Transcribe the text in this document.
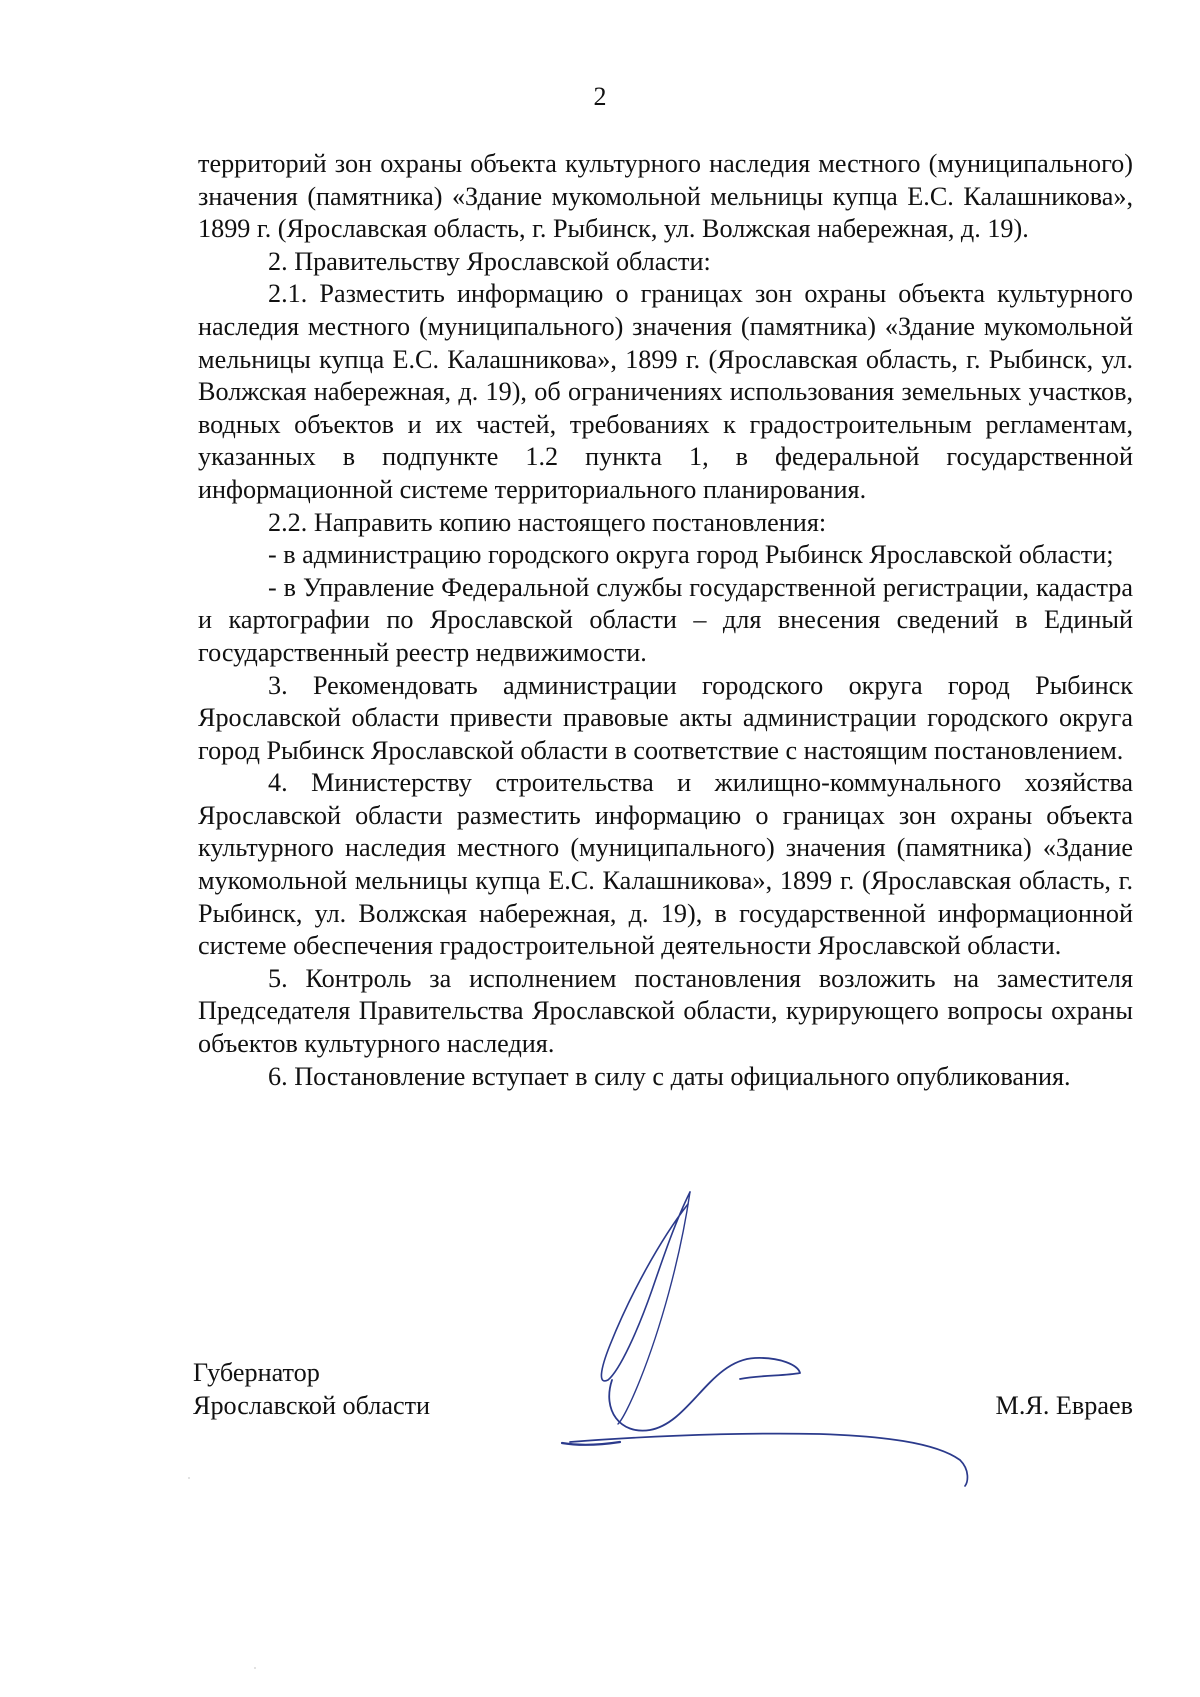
2

территорий зон охраны объекта культурного наследия местного (муниципального) значения (памятника) «Здание мукомольной мельницы купца Е.С. Калашникова», 1899 г. (Ярославская область, г. Рыбинск, ул. Волжская набережная, д. 19).

2. Правительству Ярославской области:

2.1. Разместить информацию о границах зон охраны объекта культурного наследия местного (муниципального) значения (памятника) «Здание мукомольной мельницы купца Е.С. Калашникова», 1899 г. (Ярославская область, г. Рыбинск, ул. Волжская набережная, д. 19), об ограничениях использования земельных участков, водных объектов и их частей, требованиях к градостроительным регламентам, указанных в подпункте 1.2 пункта 1, в федеральной государственной информационной системе территориального планирования.

2.2. Направить копию настоящего постановления:

- в администрацию городского округа город Рыбинск Ярославской области;

- в Управление Федеральной службы государственной регистрации, кадастра и картографии по Ярославской области – для внесения сведений в Единый государственный реестр недвижимости.

3. Рекомендовать администрации городского округа город Рыбинск Ярославской области привести правовые акты администрации городского округа город Рыбинск Ярославской области в соответствие с настоящим постановлением.

4. Министерству строительства и жилищно-коммунального хозяйства Ярославской области разместить информацию о границах зон охраны объекта культурного наследия местного (муниципального) значения (памятника) «Здание мукомольной мельницы купца Е.С. Калашникова», 1899 г. (Ярославская область, г. Рыбинск, ул. Волжская набережная, д. 19), в государственной информационной системе обеспечения градостроительной деятельности Ярославской области.

5. Контроль за исполнением постановления возложить на заместителя Председателя Правительства Ярославской области, курирующего вопросы охраны объектов культурного наследия.

6. Постановление вступает в силу с даты официального опубликования.

Губернатор
Ярославской области	М.Я. Евраев
